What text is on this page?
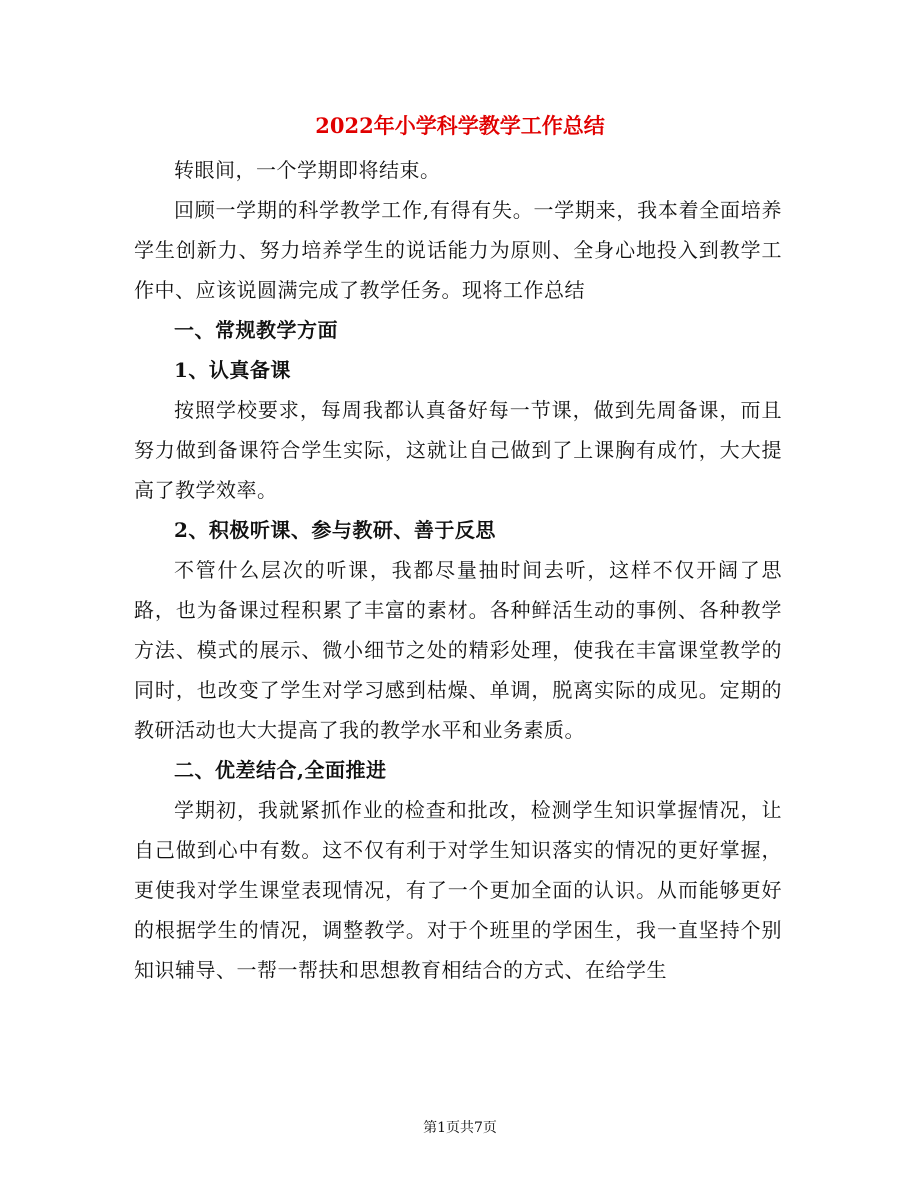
2022年小学科学教学工作总结

转眼间，一个学期即将结束。

回顾一学期的科学教学工作,有得有失。一学期来，我本着全面培养学生创新力、努力培养学生的说话能力为原则、全身心地投入到教学工作中、应该说圆满完成了教学任务。现将工作总结

一、常规教学方面

1、认真备课

按照学校要求，每周我都认真备好每一节课，做到先周备课，而且努力做到备课符合学生实际，这就让自己做到了上课胸有成竹，大大提高了教学效率。

2、积极听课、参与教研、善于反思

不管什么层次的听课，我都尽量抽时间去听，这样不仅开阔了思路，也为备课过程积累了丰富的素材。各种鲜活生动的事例、各种教学方法、模式的展示、微小细节之处的精彩处理，使我在丰富课堂教学的同时，也改变了学生对学习感到枯燥、单调，脱离实际的成见。定期的教研活动也大大提高了我的教学水平和业务素质。

二、优差结合,全面推进

学期初，我就紧抓作业的检查和批改，检测学生知识掌握情况，让自己做到心中有数。这不仅有利于对学生知识落实的情况的更好掌握，更使我对学生课堂表现情况，有了一个更加全面的认识。从而能够更好的根据学生的情况，调整教学。对于个班里的学困生，我一直坚持个别知识辅导、一帮一帮扶和思想教育相结合的方式、在给学生

第1页共7页
